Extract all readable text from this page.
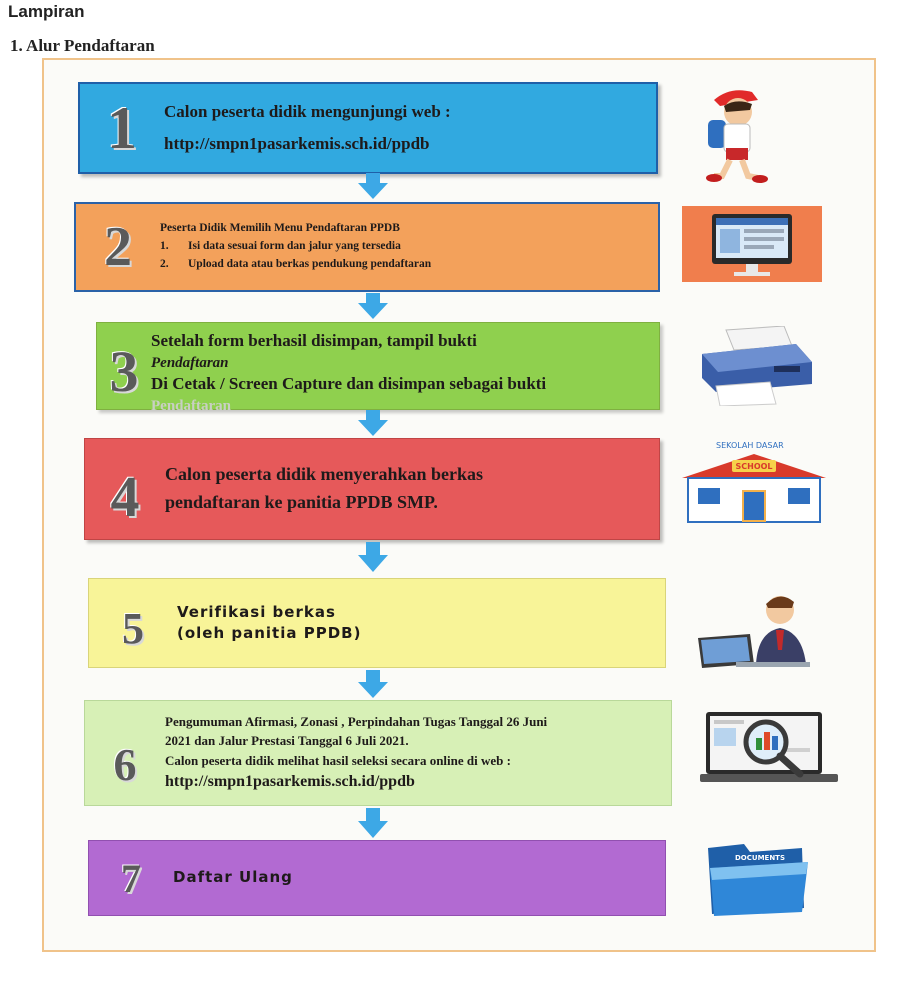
Lampiran
1. Alur Pendaftaran
1	Calon peserta didik mengunjungi web :
http://smpn1pasarkemis.sch.id/ppdb
2	Peserta Didik Memilih Menu Pendaftaran PPDB
1.	Isi data sesuai form dan jalur yang tersedia
2.	Upload data atau berkas pendukung pendaftaran
3 Setelah form berhasil disimpan, tampil bukti
Pendaftaran
Di Cetak / Screen Capture dan disimpan sebagai bukti
Pendaftaran
4	Calon peserta didik menyerahkan berkas
pendaftaran ke panitia PPDB SMP.
5	Verifikasi berkas
(oleh panitia PPDB)
6
Pengumuman Afirmasi, Zonasi , Perpindahan Tugas Tanggal 26 Juni
2021 dan Jalur Prestasi Tanggal 6 Juli 2021.
Calon peserta didik melihat hasil seleksi secara online di web :
http://smpn1pasarkemis.sch.id/ppdb
7	Daftar Ulang
SEKOLAH DASAR
SCHOOL
DOCUMENTS
